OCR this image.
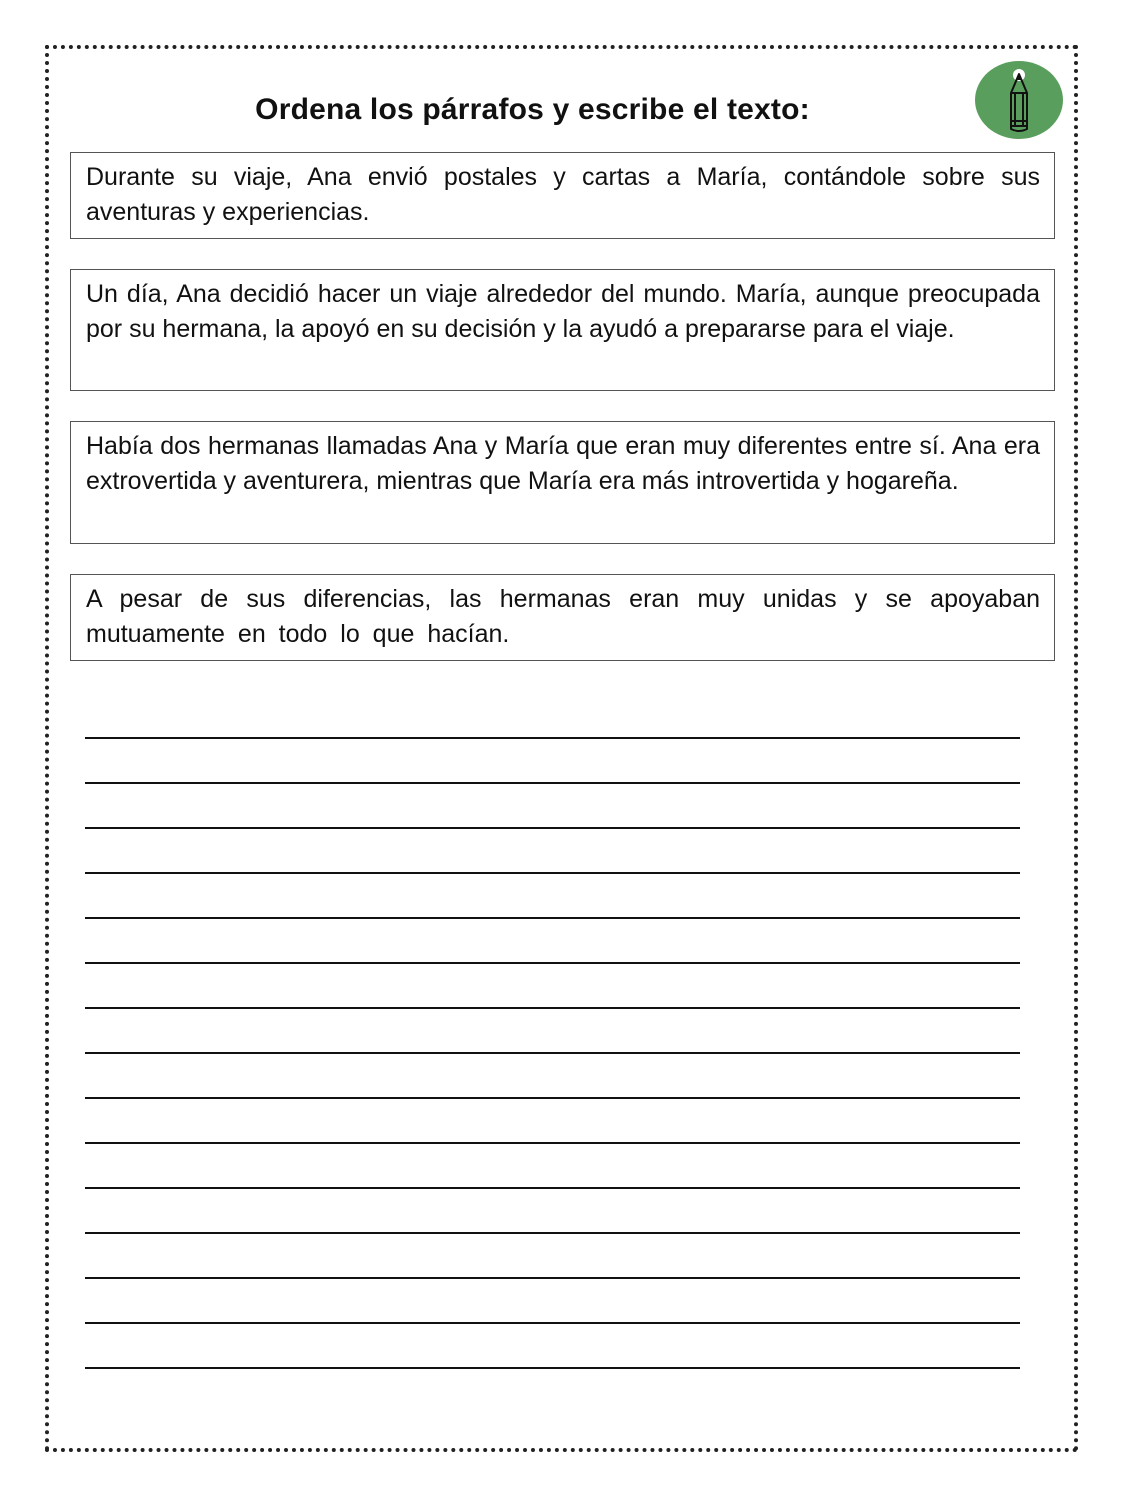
Ordena los párrafos y escribe el texto:
Durante su viaje, Ana envió postales y cartas a María, contándole sobre sus aventuras y experiencias.
Un día, Ana decidió hacer un viaje alrededor del mundo. María, aunque preocupada por su hermana, la apoyó en su decisión y la ayudó a prepararse para el viaje.
Había dos hermanas llamadas Ana y María que eran muy diferentes entre sí. Ana era extrovertida y aventurera, mientras que María era más introvertida y hogareña.
A pesar de sus diferencias, las hermanas eran muy unidas y se apoyaban mutuamente en todo lo que hacían.
